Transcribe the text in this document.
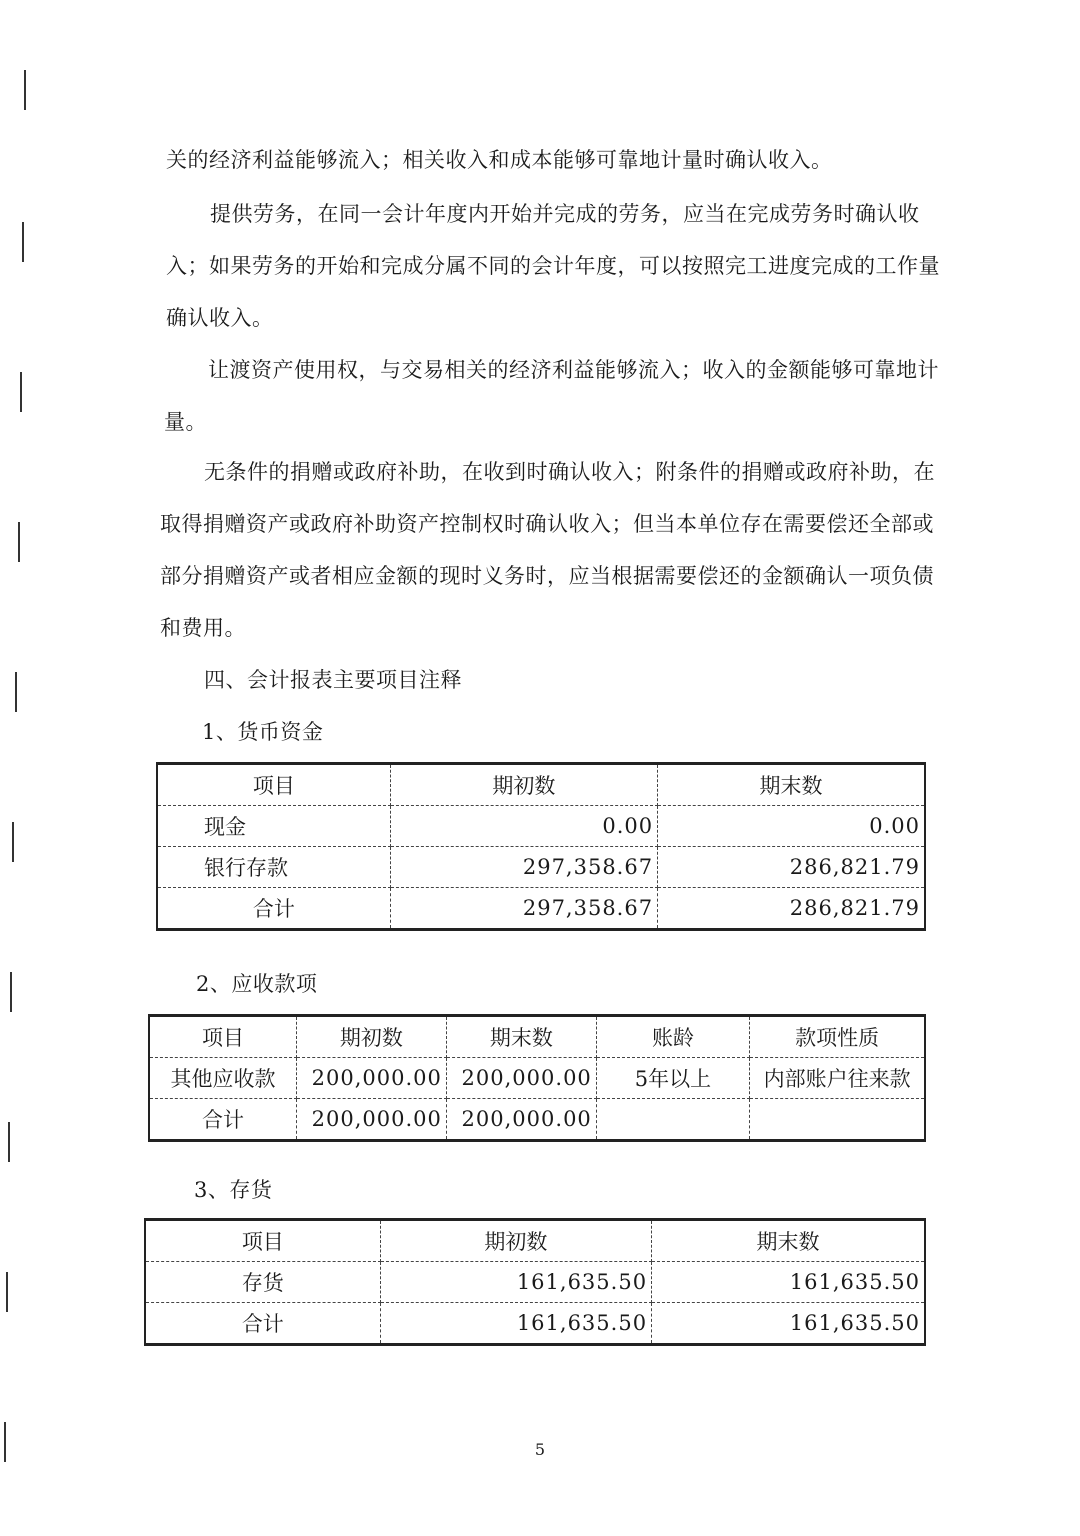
关的经济利益能够流入；相关收入和成本能够可靠地计量时确认收入。

提供劳务，在同一会计年度内开始并完成的劳务，应当在完成劳务时确认收入；如果劳务的开始和完成分属不同的会计年度，可以按照完工进度完成的工作量确认收入。

让渡资产使用权，与交易相关的经济利益能够流入；收入的金额能够可靠地计量。

无条件的捐赠或政府补助，在收到时确认收入；附条件的捐赠或政府补助，在取得捐赠资产或政府补助资产控制权时确认收入；但当本单位存在需要偿还全部或部分捐赠资产或者相应金额的现时义务时，应当根据需要偿还的金额确认一项负债和费用。

四、会计报表主要项目注释
1、货币资金
项目	期初数	期末数
现金	0.00	0.00
银行存款	297,358.67	286,821.79
合计	297,358.67	286,821.79
2、应收款项
项目	期初数	期末数	账龄	款项性质
其他应收款	200,000.00	200,000.00	5年以上	内部账户往来款
合计	200,000.00	200,000.00		
3、存货
项目	期初数	期末数
存货	161,635.50	161,635.50
合计	161,635.50	161,635.50
5
